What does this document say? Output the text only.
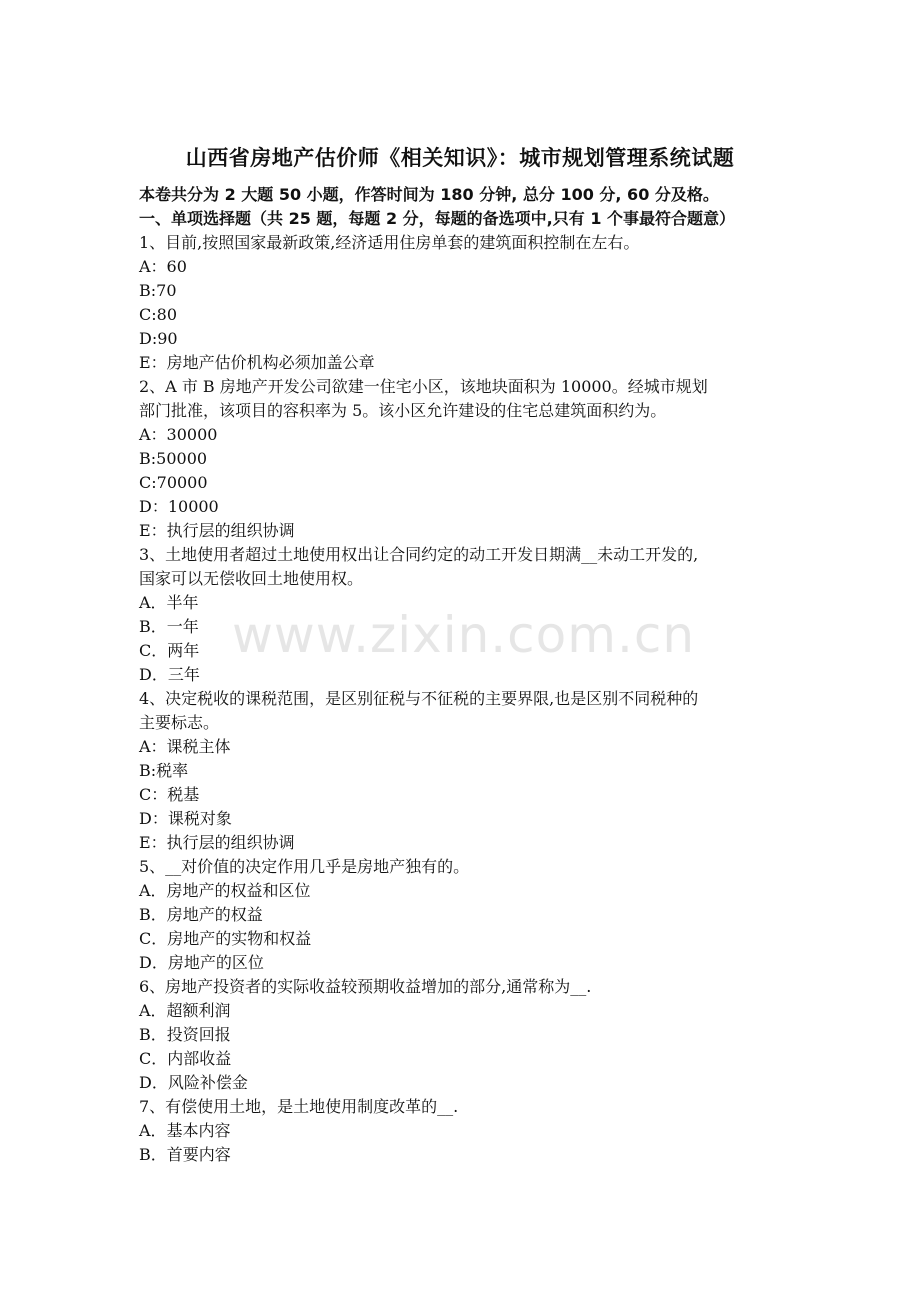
山西省房地产估价师《相关知识》：城市规划管理系统试题
本卷共分为 2 大题 50 小题，作答时间为 180 分钟, 总分 100 分, 60 分及格。
一、单项选择题（共 25 题，每题 2 分，每题的备选项中,只有 1 个事最符合题意）
1、目前,按照国家最新政策,经济适用住房单套的建筑面积控制在左右。
A：60
B:70
C:80
D:90
E：房地产估价机构必须加盖公章
2、A 市 B 房地产开发公司欲建一住宅小区，该地块面积为 10000。经城市规划
部门批准，该项目的容积率为 5。该小区允许建设的住宅总建筑面积约为。
A：30000
B:50000
C:70000
D：10000
E：执行层的组织协调
3、土地使用者超过土地使用权出让合同约定的动工开发日期满__未动工开发的,
国家可以无偿收回土地使用权。
A．半年
B．一年
C．两年
D．三年
4、决定税收的课税范围，是区别征税与不征税的主要界限,也是区别不同税种的
主要标志。
A：课税主体
B:税率
C：税基
D：课税对象
E：执行层的组织协调
5、__对价值的决定作用几乎是房地产独有的。
A．房地产的权益和区位
B．房地产的权益
C．房地产的实物和权益
D．房地产的区位
6、房地产投资者的实际收益较预期收益增加的部分,通常称为__.
A．超额利润
B．投资回报
C．内部收益
D．风险补偿金
7、有偿使用土地，是土地使用制度改革的__.
A．基本内容
B．首要内容
www.zixin.com.cn
